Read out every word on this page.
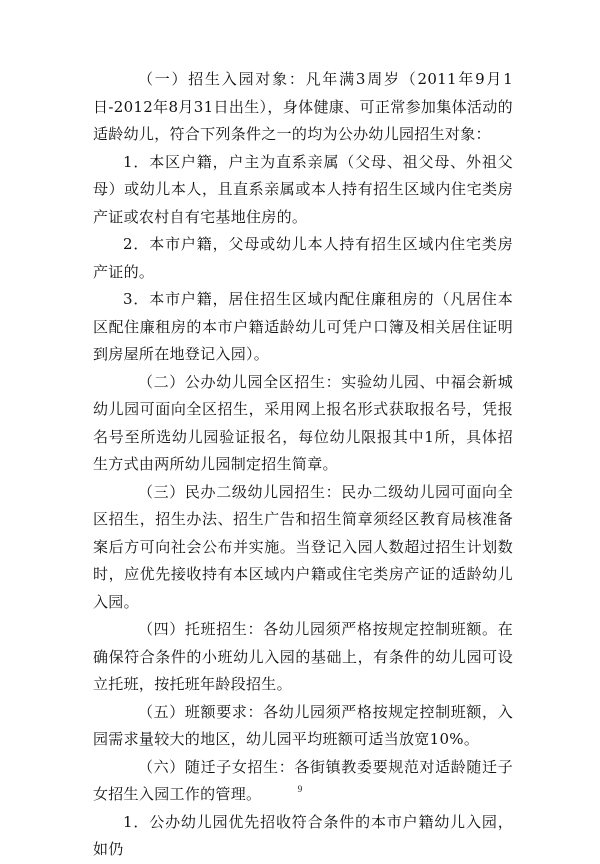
（一）招生入园对象：凡年满3周岁（2011年9月1日-2012年8月31日出生），身体健康、可正常参加集体活动的适龄幼儿，符合下列条件之一的均为公办幼儿园招生对象：

1．本区户籍，户主为直系亲属（父母、祖父母、外祖父母）或幼儿本人，且直系亲属或本人持有招生区域内住宅类房产证或农村自有宅基地住房的。

2．本市户籍，父母或幼儿本人持有招生区域内住宅类房产证的。

3．本市户籍，居住招生区域内配住廉租房的（凡居住本区配住廉租房的本市户籍适龄幼儿可凭户口簿及相关居住证明到房屋所在地登记入园）。

（二）公办幼儿园全区招生：实验幼儿园、中福会新城幼儿园可面向全区招生，采用网上报名形式获取报名号，凭报名号至所选幼儿园验证报名，每位幼儿限报其中1所，具体招生方式由两所幼儿园制定招生简章。

（三）民办二级幼儿园招生：民办二级幼儿园可面向全区招生，招生办法、招生广告和招生简章须经区教育局核准备案后方可向社会公布并实施。当登记入园人数超过招生计划数时，应优先接收持有本区域内户籍或住宅类房产证的适龄幼儿入园。

（四）托班招生：各幼儿园须严格按规定控制班额。在确保符合条件的小班幼儿入园的基础上，有条件的幼儿园可设立托班，按托班年龄段招生。

（五）班额要求：各幼儿园须严格按规定控制班额，入园需求量较大的地区，幼儿园平均班额可适当放宽10%。

（六）随迁子女招生：各街镇教委要规范对适龄随迁子女招生入园工作的管理。

1．公办幼儿园优先招收符合条件的本市户籍幼儿入园，如仍

9
